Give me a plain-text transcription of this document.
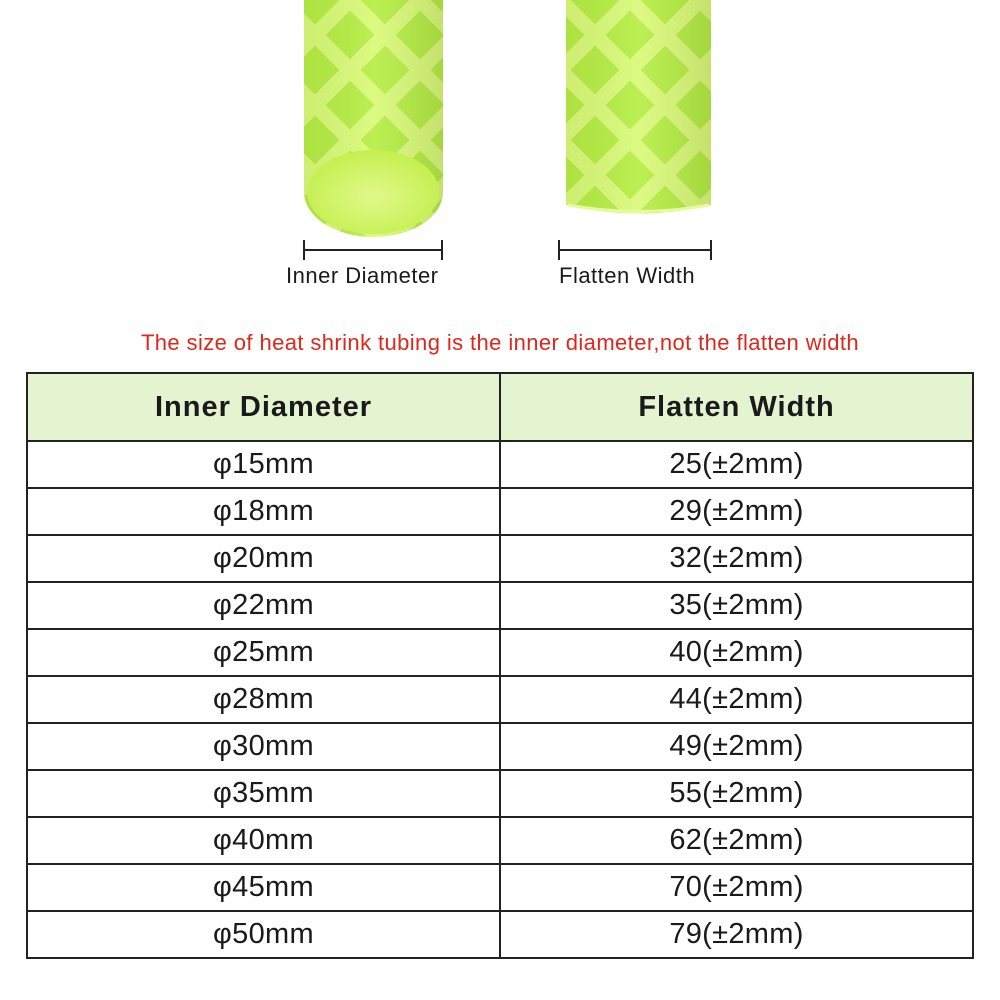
Inner Diameter	Flatten Width
The size of heat shrink tubing is the inner diameter,not the flatten width
Inner Diameter	Flatten Width
φ15mm	25(±2mm)
φ18mm	29(±2mm)
φ20mm	32(±2mm)
φ22mm	35(±2mm)
φ25mm	40(±2mm)
φ28mm	44(±2mm)
φ30mm	49(±2mm)
φ35mm	55(±2mm)
φ40mm	62(±2mm)
φ45mm	70(±2mm)
φ50mm	79(±2mm)
